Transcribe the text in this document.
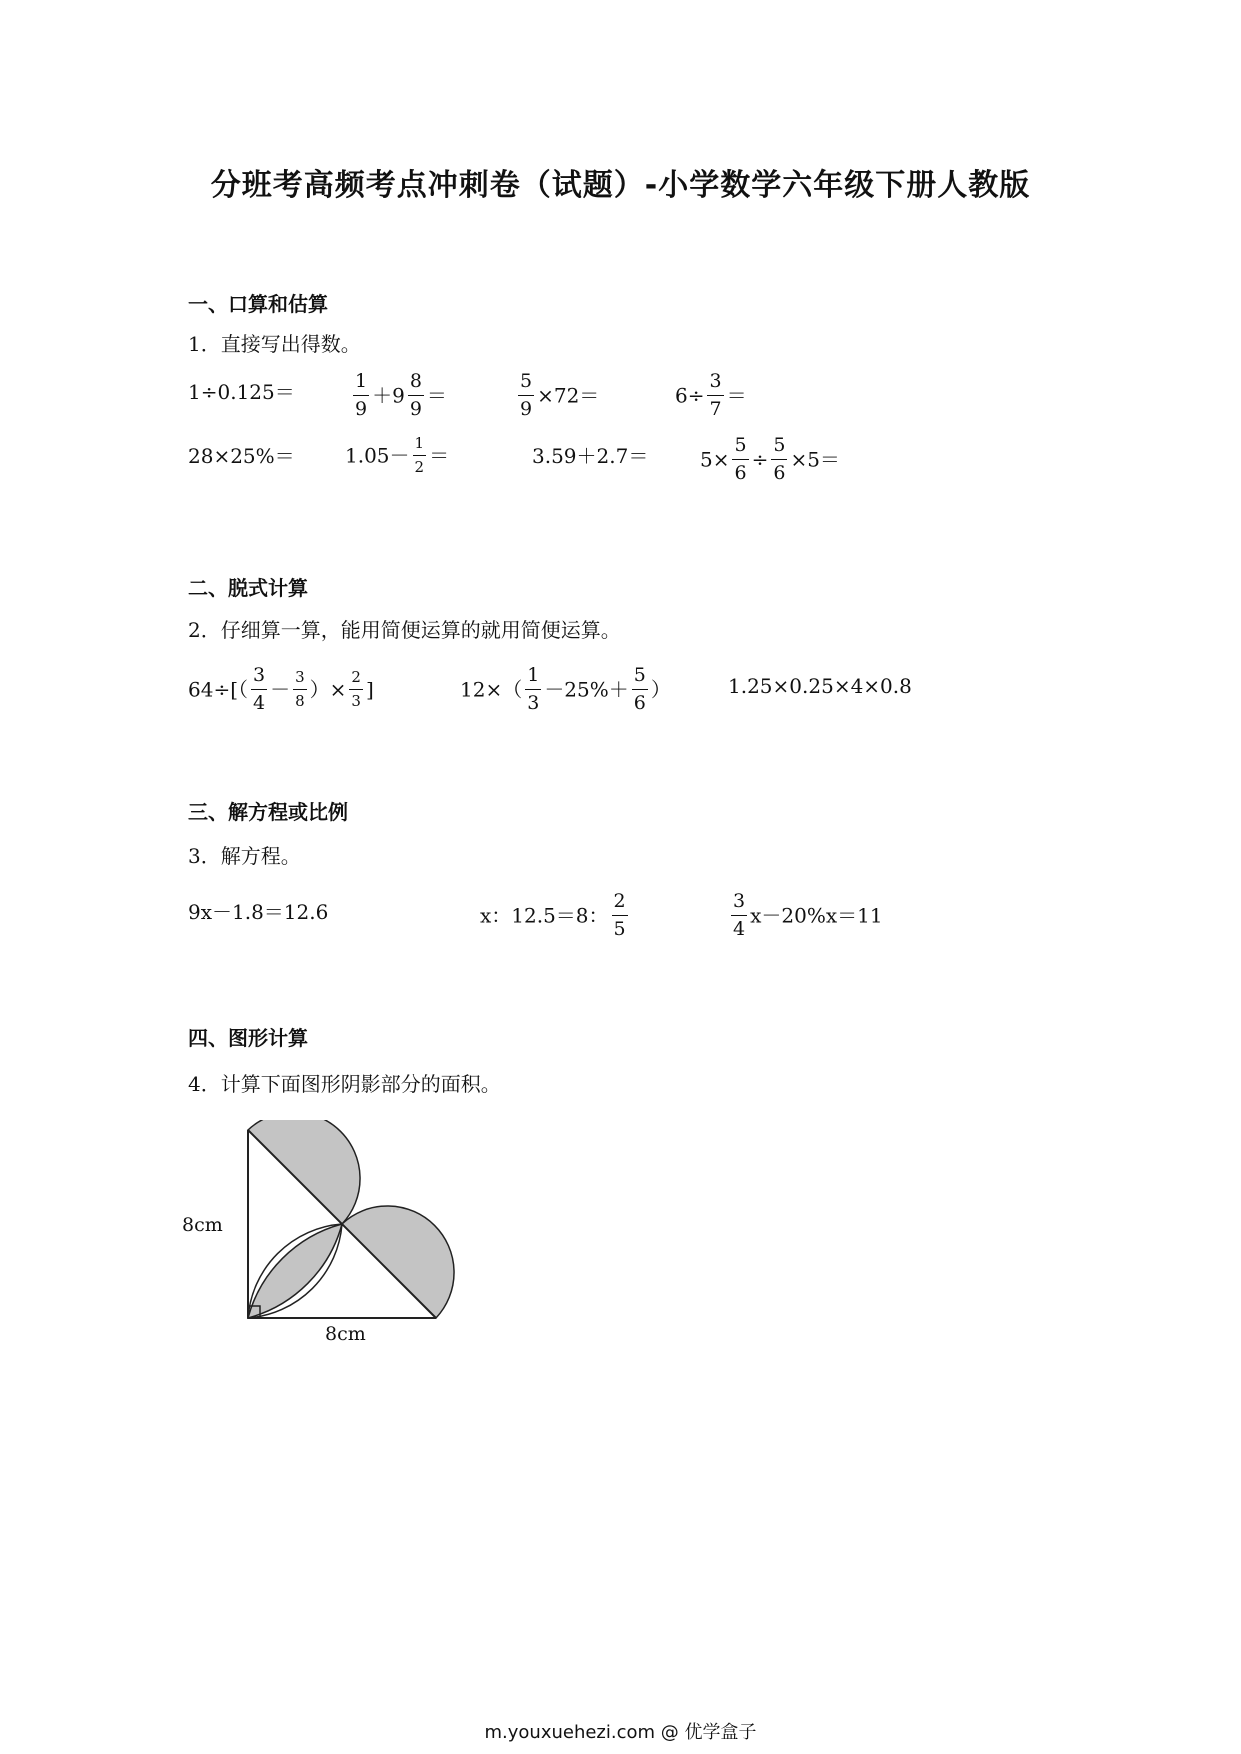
分班考高频考点冲刺卷（试题）-小学数学六年级下册人教版
一、口算和估算
1．直接写出得数。
1÷0.125＝	$\frac{1}{9} +9 \frac{8}{9}$ ＝	$\frac{5}{9} \times 72=$	$6\div \frac{3}{7}$ ＝
28×25%＝	$1.05- \frac{1}{2}$ ＝	3.59＋2.7＝	$5\times \frac{5}{6} \div \frac{5}{6} \times 5=$
二、脱式计算
2．仔细算一算，能用简便运算的就用简便运算。
$64\div[( \frac{3}{4} - \frac{3}{8}$ ）× $\frac{2}{3}$ ]	$12\times( \frac{1}{3} -25\%+ \frac{5}{6}$ ）	1.25×0.25×4×0.8
三、解方程或比例
3．解方程。
9x－1.8＝12.6	x：12.5＝8： $\frac{2}{5}$	$\frac{3}{4} x-20\%x=11$
四、图形计算
4．计算下面图形阴影部分的面积。
8cm
8cm
m.youxuehezi.com @ 优学盒子
